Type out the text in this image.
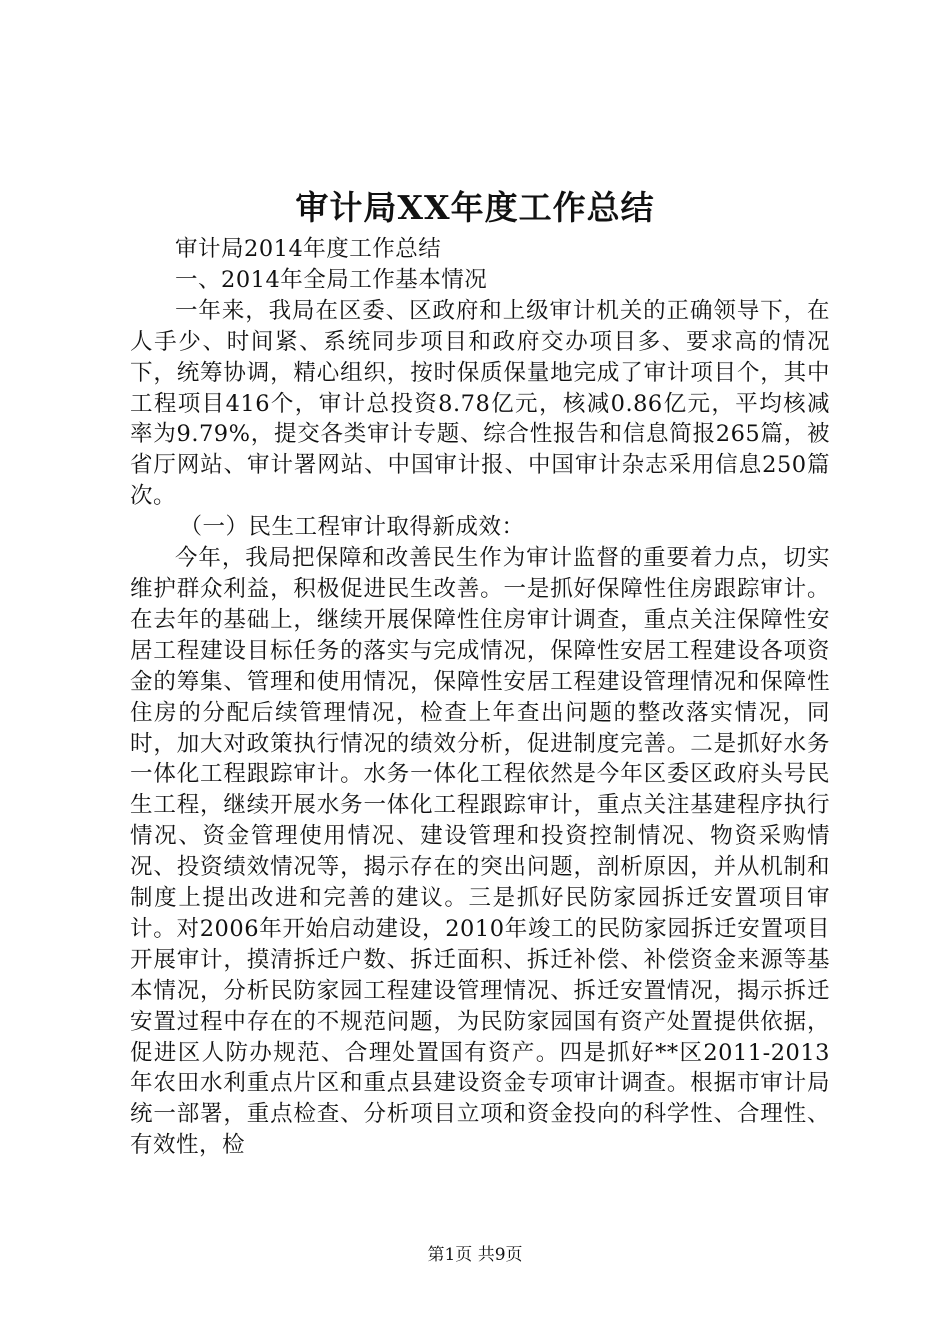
审计局XX年度工作总结

审计局2014年度工作总结

一、2014年全局工作基本情况

一年来，我局在区委、区政府和上级审计机关的正确领导下，在人手少、时间紧、系统同步项目和政府交办项目多、要求高的情况下，统筹协调，精心组织，按时保质保量地完成了审计项目个，其中工程项目416个，审计总投资8.78亿元，核减0.86亿元，平均核减率为9.79%，提交各类审计专题、综合性报告和信息简报265篇，被省厅网站、审计署网站、中国审计报、中国审计杂志采用信息250篇次。

（一）民生工程审计取得新成效：

今年，我局把保障和改善民生作为审计监督的重要着力点，切实维护群众利益，积极促进民生改善。一是抓好保障性住房跟踪审计。在去年的基础上，继续开展保障性住房审计调查，重点关注保障性安居工程建设目标任务的落实与完成情况，保障性安居工程建设各项资金的筹集、管理和使用情况，保障性安居工程建设管理情况和保障性住房的分配后续管理情况，检查上年查出问题的整改落实情况，同时，加大对政策执行情况的绩效分析，促进制度完善。二是抓好水务一体化工程跟踪审计。水务一体化工程依然是今年区委区政府头号民生工程，继续开展水务一体化工程跟踪审计，重点关注基建程序执行情况、资金管理使用情况、建设管理和投资控制情况、物资采购情况、投资绩效情况等，揭示存在的突出问题，剖析原因，并从机制和制度上提出改进和完善的建议。三是抓好民防家园拆迁安置项目审计。对2006年开始启动建设，2010年竣工的民防家园拆迁安置项目开展审计，摸清拆迁户数、拆迁面积、拆迁补偿、补偿资金来源等基本情况，分析民防家园工程建设管理情况、拆迁安置情况，揭示拆迁安置过程中存在的不规范问题，为民防家园国有资产处置提供依据，促进区人防办规范、合理处置国有资产。四是抓好**区2011-2013年农田水利重点片区和重点县建设资金专项审计调查。根据市审计局统一部署，重点检查、分析项目立项和资金投向的科学性、合理性、有效性，检

第1页 共9页
